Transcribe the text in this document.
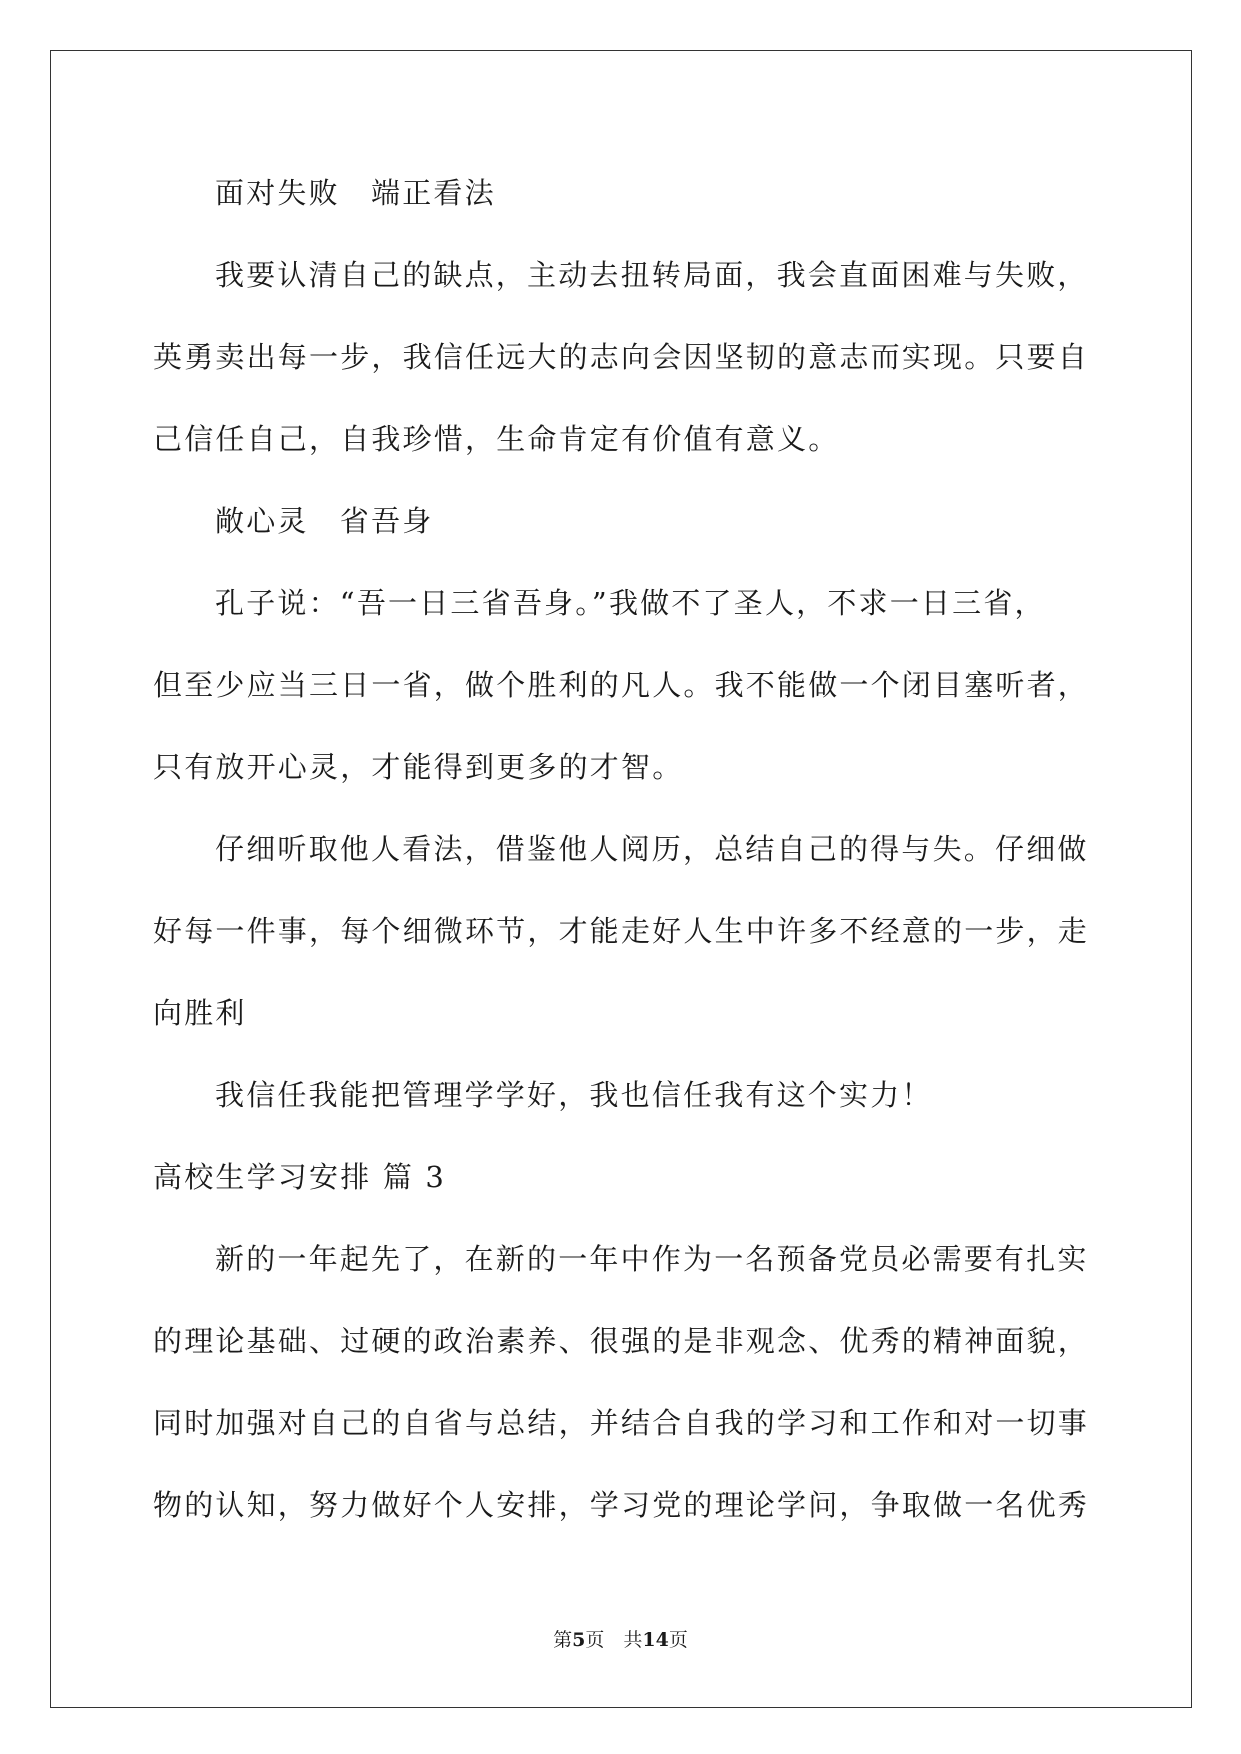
面对失败　端正看法
我要认清自己的缺点，主动去扭转局面，我会直面困难与失败，
英勇卖出每一步，我信任远大的志向会因坚韧的意志而实现。只要自
己信任自己，自我珍惜，生命肯定有价值有意义。
敞心灵　省吾身
孔子说：“吾一日三省吾身。”我做不了圣人，不求一日三省，
但至少应当三日一省，做个胜利的凡人。我不能做一个闭目塞听者，
只有放开心灵，才能得到更多的才智。
仔细听取他人看法，借鉴他人阅历，总结自己的得与失。仔细做
好每一件事，每个细微环节，才能走好人生中许多不经意的一步，走
向胜利
我信任我能把管理学学好，我也信任我有这个实力！
高校生学习安排 篇 3
新的一年起先了，在新的一年中作为一名预备党员必需要有扎实
的理论基础、过硬的政治素养、很强的是非观念、优秀的精神面貌，
同时加强对自己的自省与总结，并结合自我的学习和工作和对一切事
物的认知，努力做好个人安排，学习党的理论学问，争取做一名优秀
第5页　共14页
